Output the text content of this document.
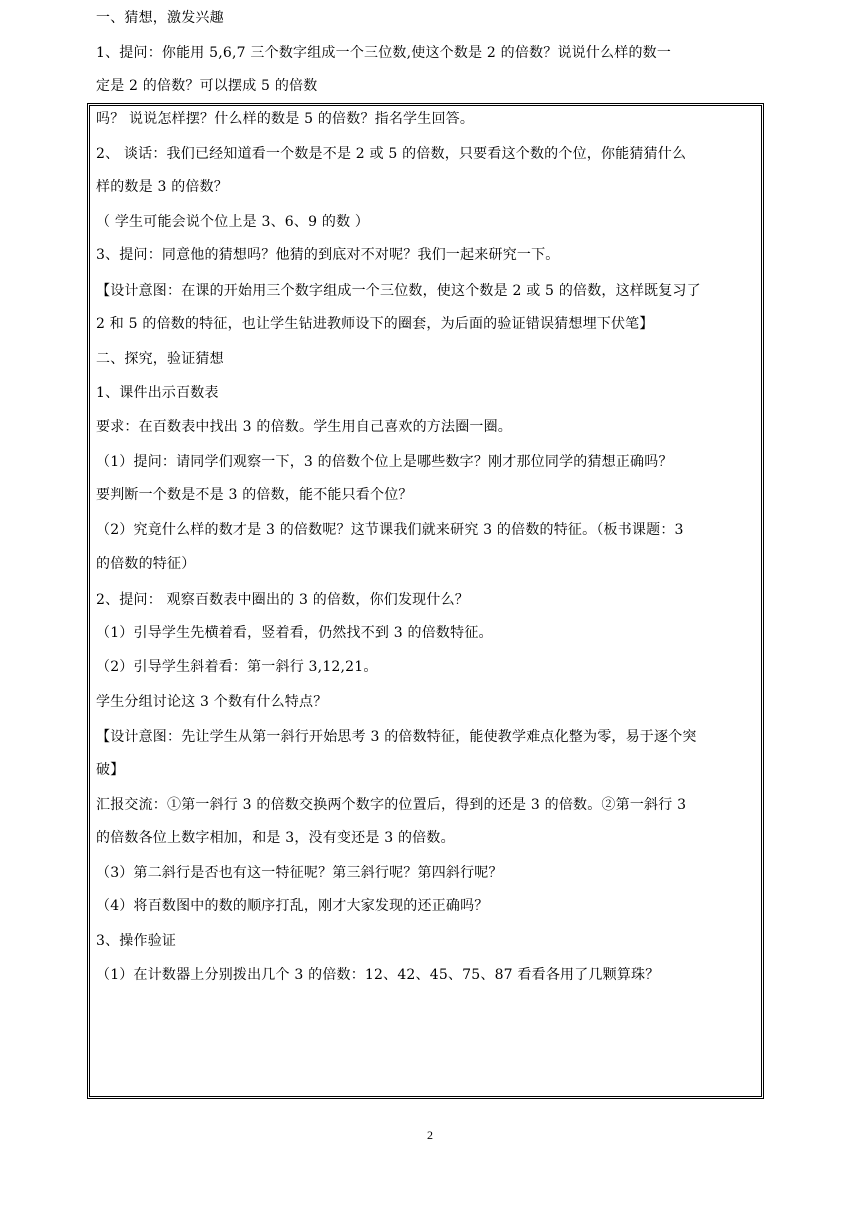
一、猜想，激发兴趣
1、提问：你能用 5,6,7 三个数字组成一个三位数,使这个数是 2 的倍数？说说什么样的数一
定是 2 的倍数？可以摆成 5 的倍数
吗？ 说说怎样摆？什么样的数是 5 的倍数？指名学生回答。
2、 谈话：我们已经知道看一个数是不是 2 或 5 的倍数，只要看这个数的个位，你能猜猜什么
样的数是 3 的倍数？
（ 学生可能会说个位上是 3、6、9 的数 ）
3、提问：同意他的猜想吗？他猜的到底对不对呢？我们一起来研究一下。
【设计意图：在课的开始用三个数字组成一个三位数，使这个数是 2 或 5 的倍数，这样既复习了
2 和 5 的倍数的特征，也让学生钻进教师设下的圈套，为后面的验证错误猜想埋下伏笔】
二、探究，验证猜想
1、课件出示百数表
要求：在百数表中找出 3 的倍数。学生用自己喜欢的方法圈一圈。
（1）提问：请同学们观察一下，3 的倍数个位上是哪些数字？刚才那位同学的猜想正确吗？
要判断一个数是不是 3 的倍数，能不能只看个位？
（2）究竟什么样的数才是 3 的倍数呢？这节课我们就来研究 3 的倍数的特征。（板书课题：3
的倍数的特征）
2、提问： 观察百数表中圈出的 3 的倍数，你们发现什么？
（1）引导学生先横着看，竖着看，仍然找不到 3 的倍数特征。
（2）引导学生斜着看：第一斜行 3,12,21。
学生分组讨论这 3 个数有什么特点？
【设计意图：先让学生从第一斜行开始思考 3 的倍数特征，能使教学难点化整为零，易于逐个突
破】
汇报交流：①第一斜行 3 的倍数交换两个数字的位置后，得到的还是 3 的倍数。②第一斜行 3
的倍数各位上数字相加，和是 3，没有变还是 3 的倍数。
（3）第二斜行是否也有这一特征呢？第三斜行呢？第四斜行呢？
（4）将百数图中的数的顺序打乱，刚才大家发现的还正确吗？
3、操作验证
（1）在计数器上分别拨出几个 3 的倍数：12、42、45、75、87 看看各用了几颗算珠？
2
